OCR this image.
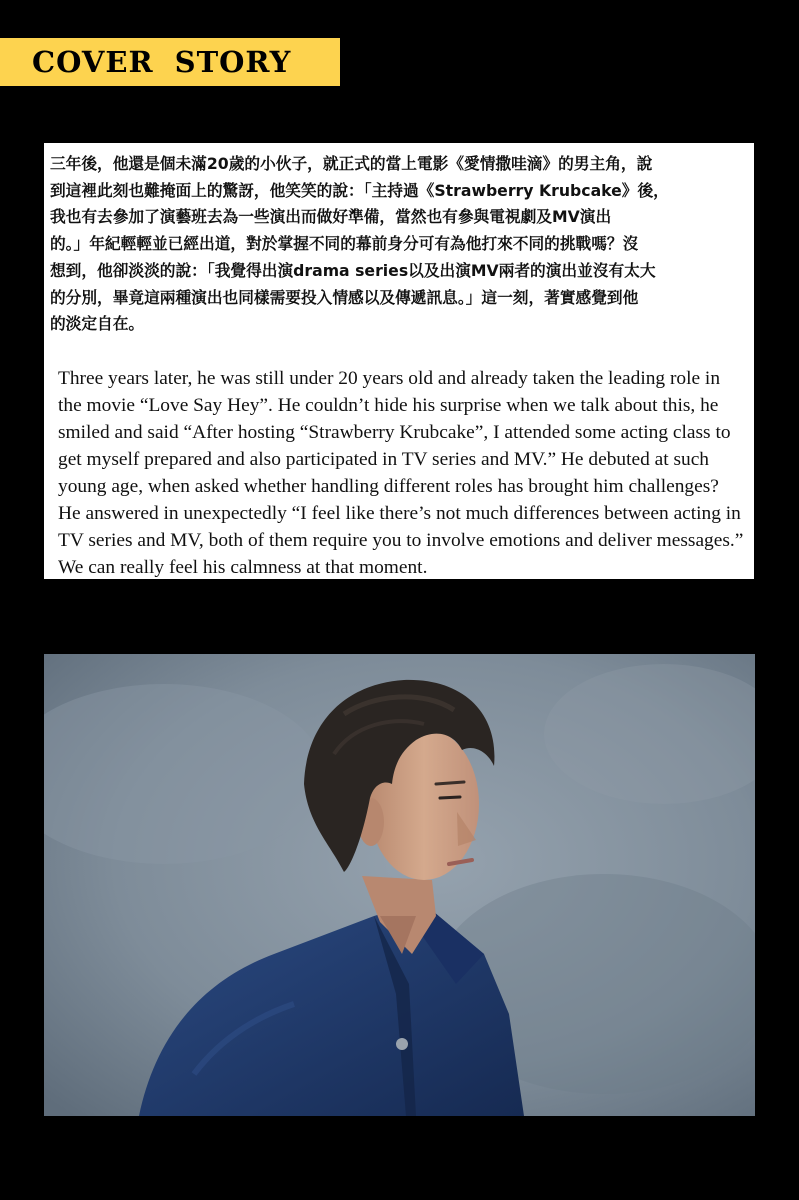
COVER STORY

三年後，他還是個未滿20歲的小伙子，就正式的當上電影《愛情撒哇滴》的男主角，說
到這裡此刻也難掩面上的驚訝，他笑笑的說：「主持過《Strawberry Krubcake》後，
我也有去參加了演藝班去為一些演出而做好準備，當然也有參與電視劇及MV演出
的。」年紀輕輕並已經出道，對於掌握不同的幕前身分可有為他打來不同的挑戰嗎？沒
想到，他卻淡淡的說：「我覺得出演drama series以及出演MV兩者的演出並沒有太大
的分別，畢竟這兩種演出也同樣需要投入情感以及傳遞訊息。」這一刻，著實感覺到他
的淡定自在。

Three years later, he was still under 20 years old and already taken the leading role in
the movie “Love Say Hey”. He couldn’t hide his surprise when we talk about this, he
smiled and said “After hosting “Strawberry Krubcake”, I attended some acting class to
get myself prepared and also participated in TV series and MV.” He debuted at such
young age, when asked whether handling different roles has brought him challenges?
He answered in unexpectedly “I feel like there’s not much differences between acting in
TV series and MV, both of them require you to involve emotions and deliver messages.”
We can really feel his calmness at that moment.
